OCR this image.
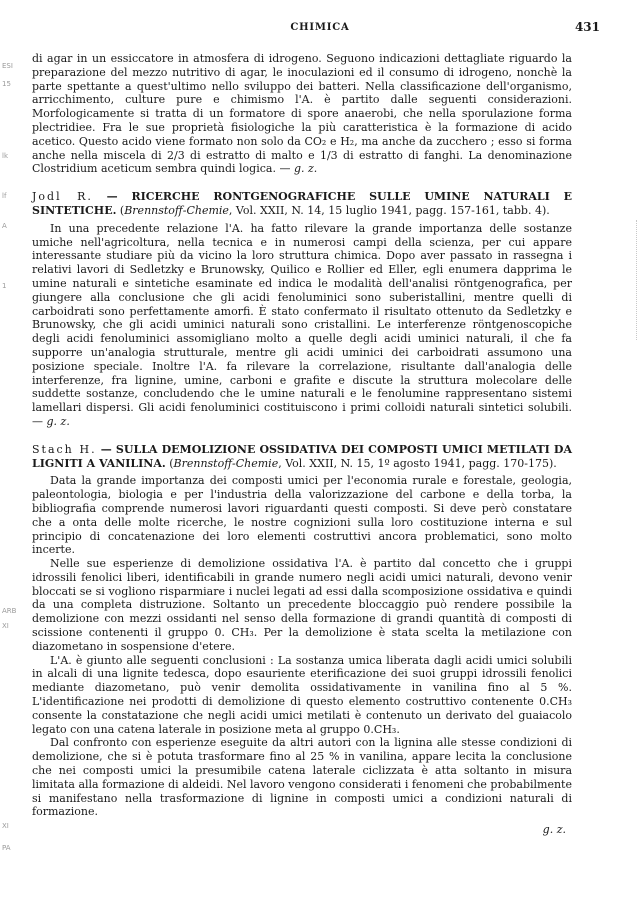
CHIMICA	431
ESI
15
lk
lf
A
1
ARB
XI
XI
PA

di agar in un essiccatore in atmosfera di idrogeno. Seguono indicazioni dettagliate riguardo la preparazione del mezzo nutritivo di agar, le inoculazioni ed il consumo di idrogeno, nonchè la parte spettante a quest'ultimo nello sviluppo dei batteri. Nella classificazione dell'organismo, arricchimento, culture pure e chimismo l'A. è partito dalle seguenti considerazioni. Morfologicamente si tratta di un formatore di spore anaerobi, che nella sporulazione forma plectridiee. Fra le sue proprietà fisiologiche la più caratteristica è la formazione di acido acetico. Questo acido viene formato non solo da CO₂ e H₂, ma anche da zucchero ; esso si forma anche nella miscela di 2/3 di estratto di malto e 1/3 di estratto di fanghi. La denominazione Clostridium aceticum sembra quindi logica. — g. z.

Jodl R. — RICERCHE RONTGENOGRAFICHE SULLE UMINE NATURALI E SINTETICHE. (Brennstoff-Chemie, Vol. XXII, N. 14, 15 luglio 1941, pagg. 157-161, tabb. 4).

In una precedente relazione l'A. ha fatto rilevare la grande importanza delle sostanze umiche nell'agricoltura, nella tecnica e in numerosi campi della scienza, per cui appare interessante studiare più da vicino la loro struttura chimica. Dopo aver passato in rassegna i relativi lavori di Sedletzky e Brunowsky, Quilico e Rollier ed Eller, egli enumera dapprima le umine naturali e sintetiche esaminate ed indica le modalità dell'analisi röntgenografica, per giungere alla conclusione che gli acidi fenoluminici sono suberistallini, mentre quelli di carboidrati sono perfettamente amorfi. È stato confermato il risultato ottenuto da Sedletzky e Brunowsky, che gli acidi uminici naturali sono cristallini. Le interferenze röntgenoscopiche degli acidi fenoluminici assomigliano molto a quelle degli acidi uminici naturali, il che fa supporre un'analogia strutturale, mentre gli acidi uminici dei carboidrati assumono una posizione speciale. Inoltre l'A. fa rilevare la correlazione, risultante dall'analogia delle interferenze, fra lignine, umine, carboni e grafite e discute la struttura molecolare delle suddette sostanze, concludendo che le umine naturali e le fenolumine rappresentano sistemi lamellari dispersi. Gli acidi fenoluminici costituiscono i primi colloidi naturali sintetici solubili. — g. z.

Stach H. — SULLA DEMOLIZIONE OSSIDATIVA DEI COMPOSTI UMICI METILATI DA LIGNITI A VANILINA. (Brennstoff-Chemie, Vol. XXII, N. 15, 1º agosto 1941, pagg. 170-175).

Data la grande importanza dei composti umici per l'economia rurale e forestale, geologia, paleontologia, biologia e per l'industria della valorizzazione del carbone e della torba, la bibliografia comprende numerosi lavori riguardanti questi composti. Si deve però constatare che a onta delle molte ricerche, le nostre cognizioni sulla loro costituzione interna e sul principio di concatenazione dei loro elementi costruttivi ancora problematici, sono molto incerte.

Nelle sue esperienze di demolizione ossidativa l'A. è partito dal concetto che i gruppi idrossili fenolici liberi, identificabili in grande numero negli acidi umici naturali, devono venir bloccati se si vogliono risparmiare i nuclei legati ad essi dalla scomposizione ossidativa e quindi da una completa distruzione. Soltanto un precedente bloccaggio può rendere possibile la demolizione con mezzi ossidanti nel senso della formazione di grandi quantità di composti di scissione contenenti il gruppo 0. CH₃. Per la demolizione è stata scelta la metilazione con diazometano in sospensione d'etere.

L'A. è giunto alle seguenti conclusioni : La sostanza umica liberata dagli acidi umici solubili in alcali di una lignite tedesca, dopo esauriente eterificazione dei suoi gruppi idrossili fenolici mediante diazometano, può venir demolita ossidativamente in vanilina fino al 5 %. L'identificazione nei prodotti di demolizione di questo elemento costruttivo contenente 0.CH₃ consente la constatazione che negli acidi umici metilati è contenuto un derivato del guaiacolo legato con una catena laterale in posizione meta al gruppo 0.CH₃.

Dal confronto con esperienze eseguite da altri autori con la lignina alle stesse condizioni di demolizione, che si è potuta trasformare fino al 25 % in vanilina, appare lecita la conclusione che nei composti umici la presumibile catena laterale ciclizzata è atta soltanto in misura limitata alla formazione di aldeidi. Nel lavoro vengono considerati i fenomeni che probabilmente si manifestano nella trasformazione di lignine in composti umici a condizioni naturali di formazione.

g. z.
